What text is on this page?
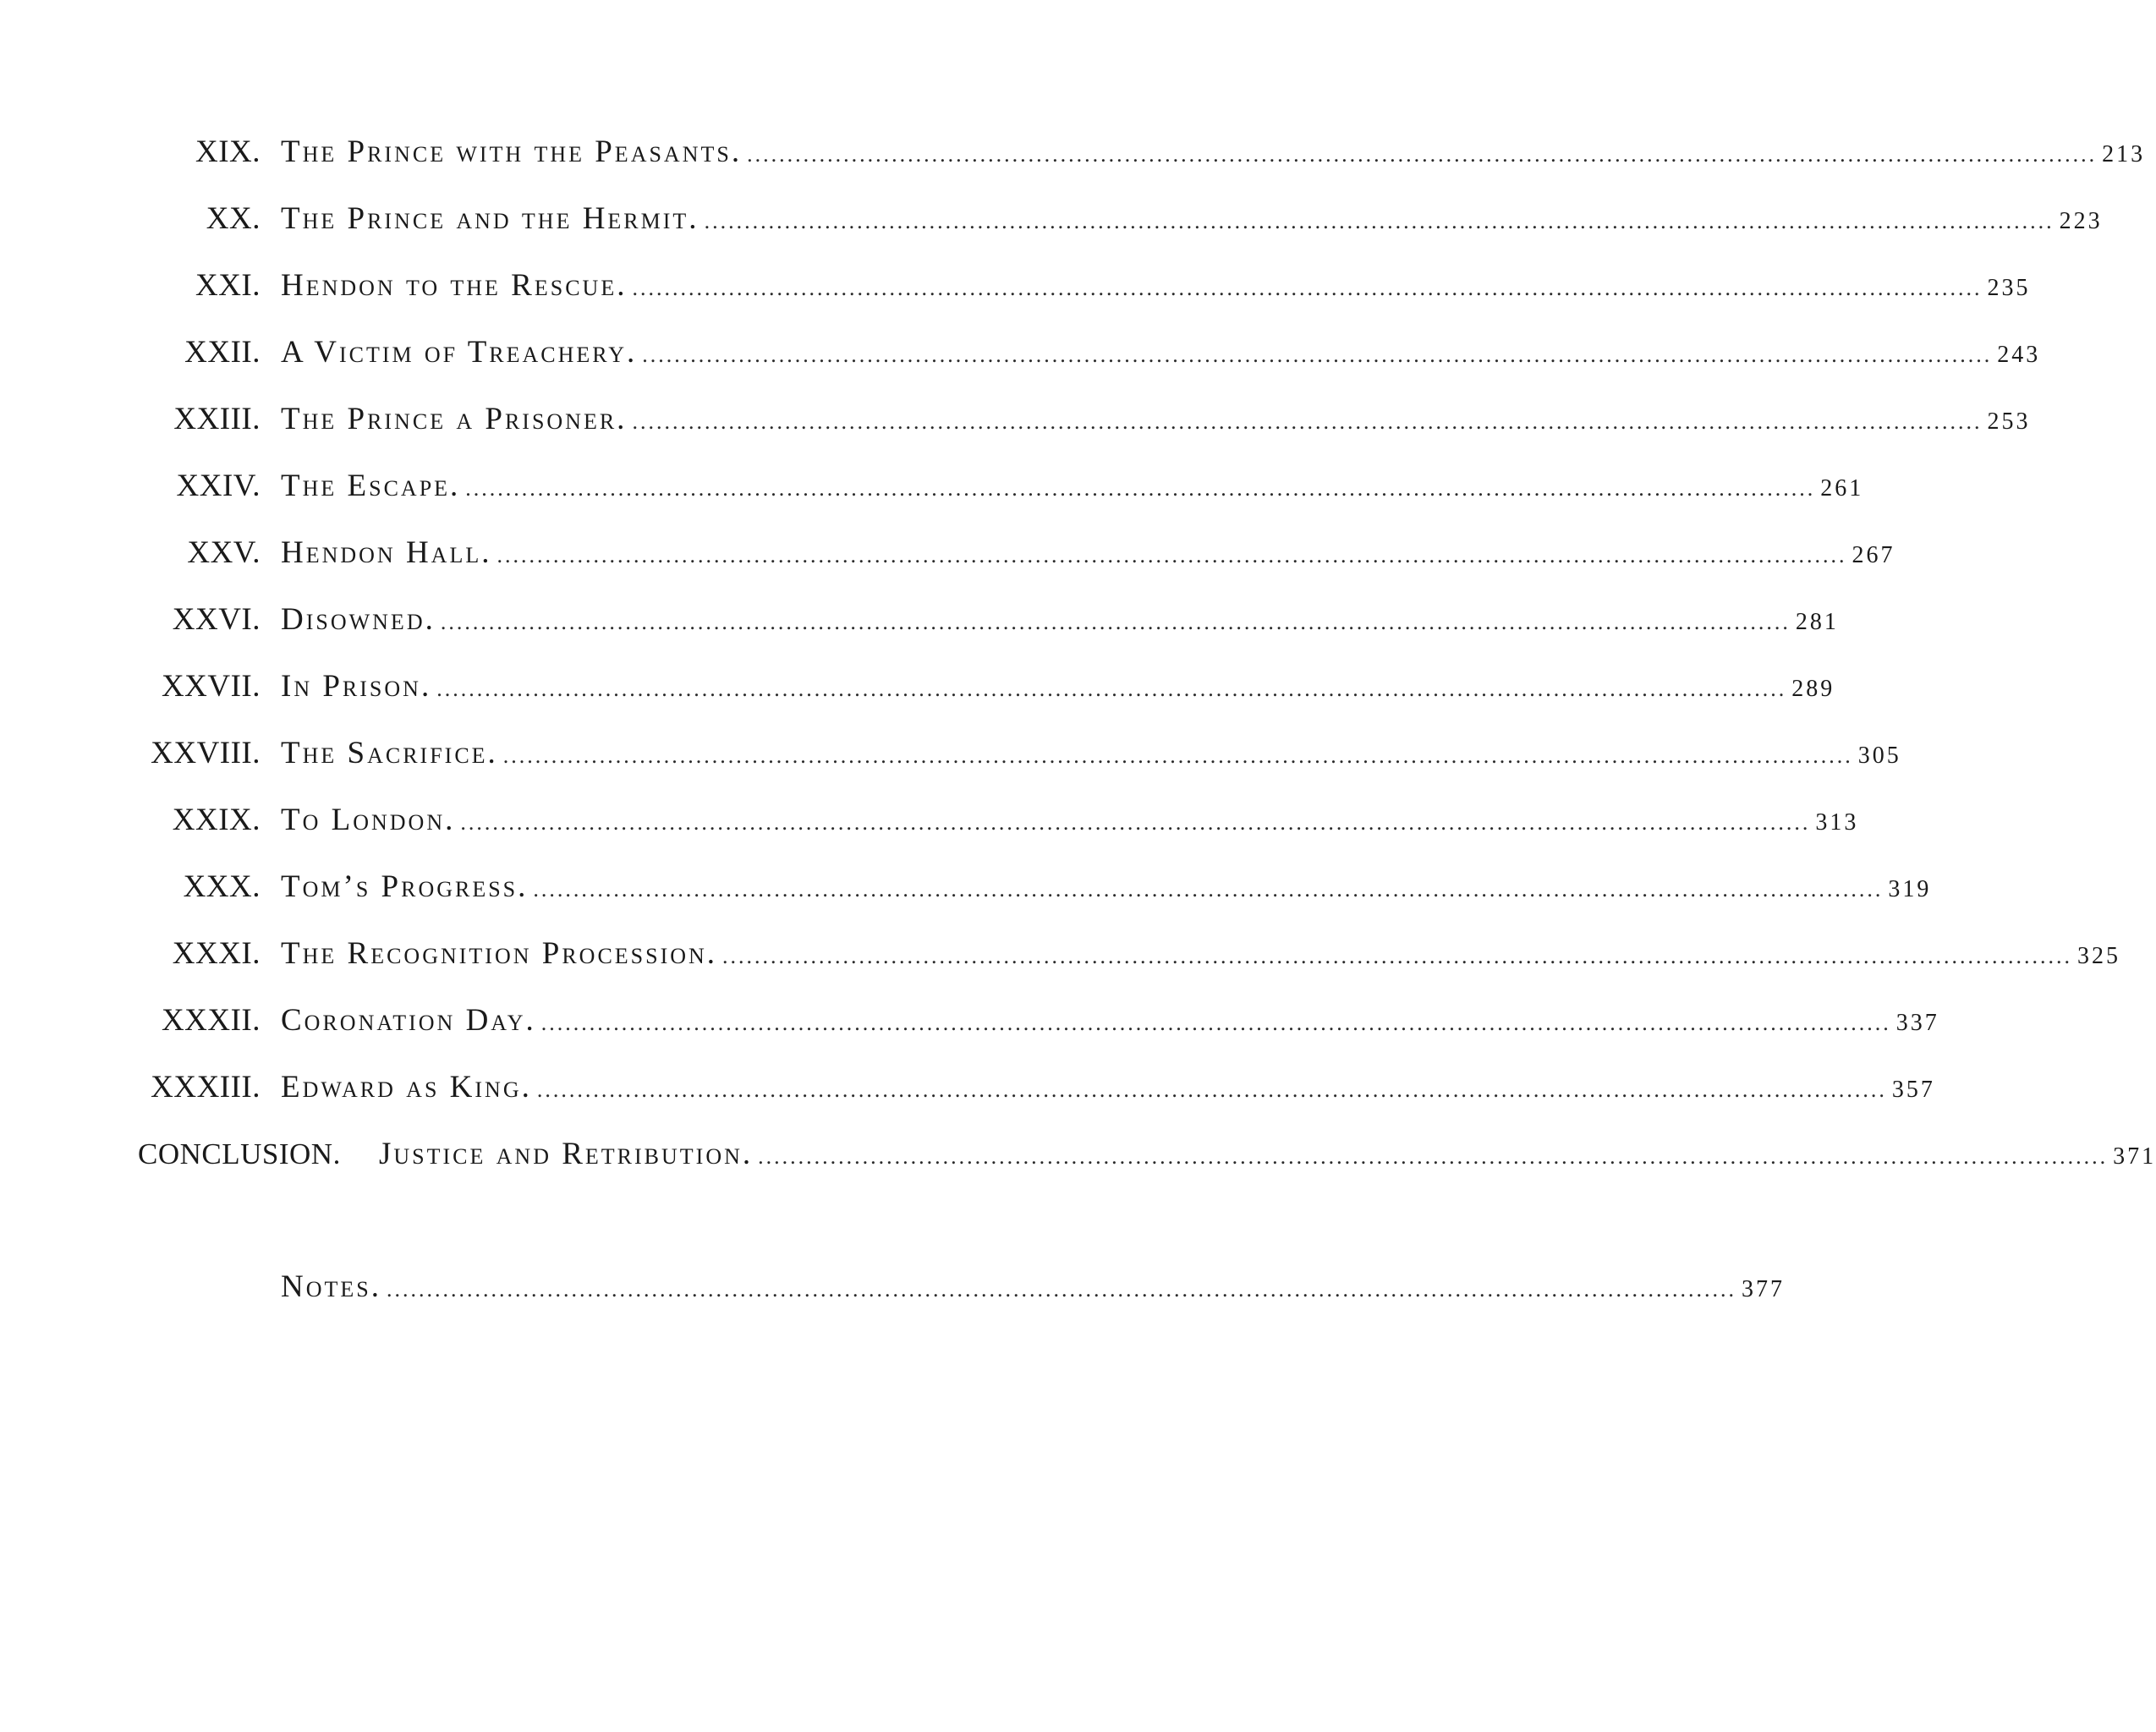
XIX. The Prince with the Peasants. ........................................................................................................................................................................ 213
XX. The Prince and the Hermit. ........................................................................................................................................................................ 223
XXI. Hendon to the Rescue. ........................................................................................................................................................................ 235
XXII. A Victim of Treachery. ........................................................................................................................................................................ 243
XXIII. The Prince a Prisoner. ........................................................................................................................................................................ 253
XXIV. The Escape. ........................................................................................................................................................................ 261
XXV. Hendon Hall. ........................................................................................................................................................................ 267
XXVI. Disowned. ........................................................................................................................................................................ 281
XXVII. In Prison. ........................................................................................................................................................................ 289
XXVIII. The Sacrifice. ........................................................................................................................................................................ 305
XXIX. To London. ........................................................................................................................................................................ 313
XXX. Tom’s Progress. ........................................................................................................................................................................ 319
XXXI. The Recognition Procession. ........................................................................................................................................................................ 325
XXXII. Coronation Day. ........................................................................................................................................................................ 337
XXXIII. Edward as King. ........................................................................................................................................................................ 357
CONCLUSION. Justice and Retribution. ........................................................................................................................................................................ 371
Notes. ........................................................................................................................................................................ 377
